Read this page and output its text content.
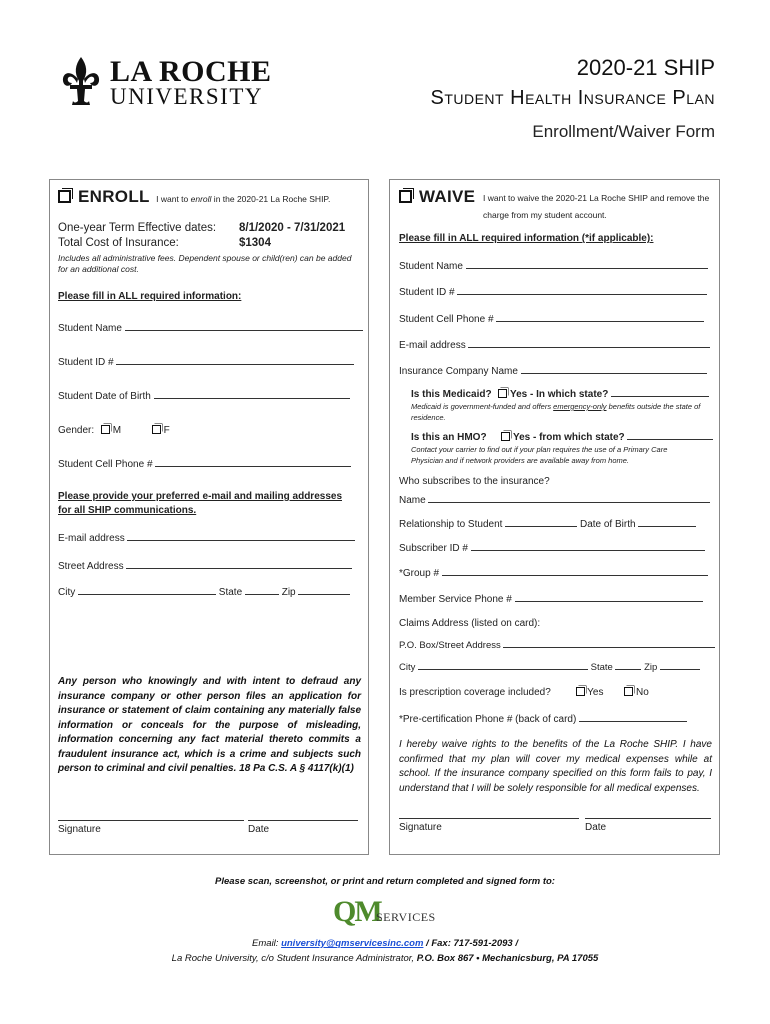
LA ROCHE
UNIVERSITY
2020-21 SHIP
Student Health Insurance Plan
Enrollment/Waiver Form
ENROLL I want to enroll in the 2020-21 La Roche SHIP.
One-year Term Effective dates: 8/1/2020 - 7/31/2021
Total Cost of Insurance:	$1304
Includes all administrative fees. Dependent spouse or child(ren) can be added for an additional cost.
Please fill in ALL required information:
Student Name
Student ID #
Student Date of Birth
Gender: M	F
Student Cell Phone #
Please provide your preferred e-mail and mailing addresses for all SHIP communications.
E-mail address
Street Address
City	State	Zip
Any person who knowingly and with intent to defraud any insurance company or other person files an application for insurance or statement of claim containing any materially false information or conceals for the purpose of misleading, information concerning any fact material thereto commits a fraudulent insurance act, which is a crime and subjects such person to criminal and civil penalties. 18 Pa C.S. A § 4117(k)(1)
Signature	Date
WAIVE I want to waive the 2020-21 La Roche SHIP and remove the charge from my student account.
Please fill in ALL required information (*if applicable):
Student Name
Student ID #
Student Cell Phone #
E-mail address
Insurance Company Name
Is this Medicaid? Yes - In which state?
Medicaid is government-funded and offers emergency-only benefits outside the state of residence.
Is this an HMO?	Yes - from which state?
Contact your carrier to find out if your plan requires the use of a Primary Care Physician and if network providers are available away from home.
Who subscribes to the insurance?
Name
Relationship to Student	Date of Birth
Subscriber ID #
*Group #
Member Service Phone #
Claims Address (listed on card):
P.O. Box/Street Address
City	State	Zip
Is prescription coverage included?	Yes	No
*Pre-certification Phone # (back of card)
I hereby waive rights to the benefits of the La Roche SHIP. I have confirmed that my plan will cover my medical expenses while at school. If the insurance company specified on this form fails to pay, I understand that I will be solely responsible for all medical expenses.
Signature	Date
Please scan, screenshot, or print and return completed and signed form to:
QM
SERVICES
Email: university@qmservicesinc.com / Fax: 717-591-2093 /
La Roche University, c/o Student Insurance Administrator, P.O. Box 867 • Mechanicsburg, PA 17055
